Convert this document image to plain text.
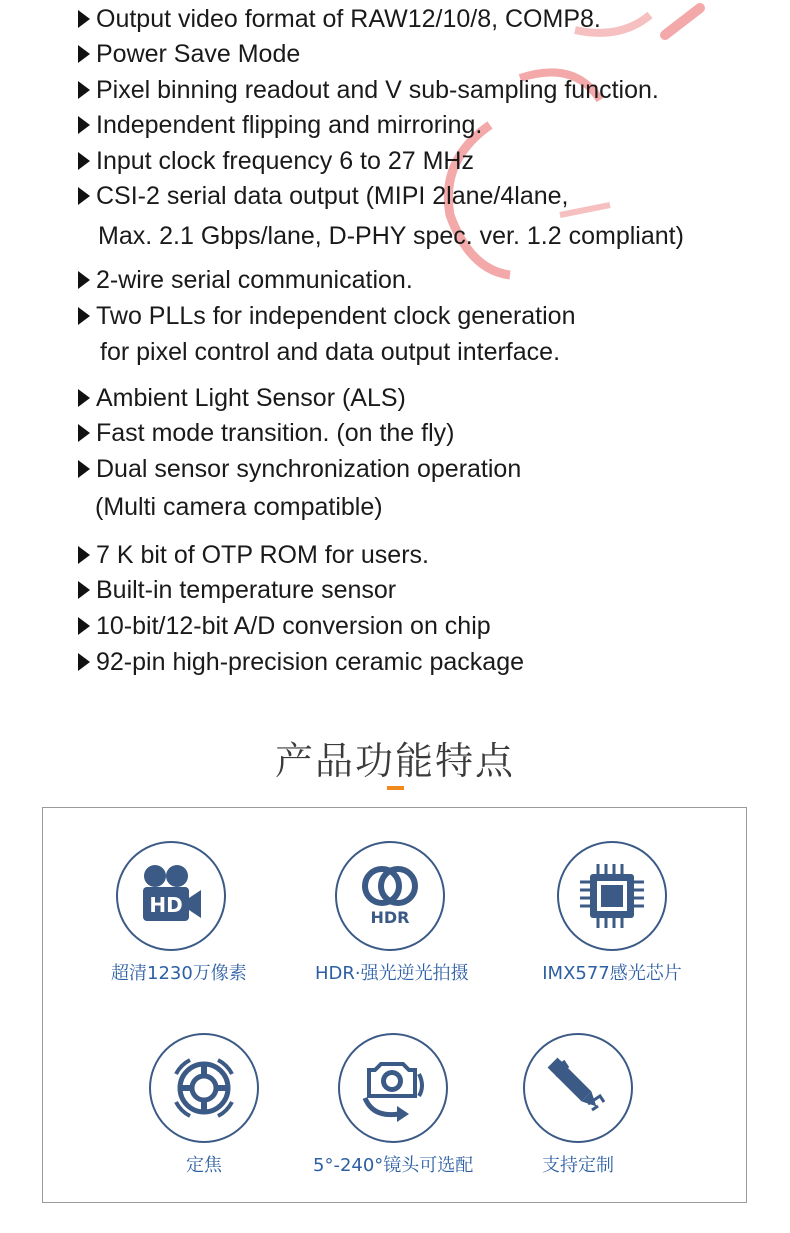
Output video format of RAW12/10/8, COMP8.
Power Save Mode
Pixel binning readout and V sub-sampling function.
Independent flipping and mirroring.
Input clock frequency 6 to 27 MHz
CSI-2 serial data output (MIPI 2lane/4lane,
Max. 2.1 Gbps/lane, D-PHY spec. ver. 1.2 compliant)
2-wire serial communication.
Two PLLs for independent clock generation
for pixel control and data output interface.
Ambient Light Sensor (ALS)
Fast mode transition. (on the fly)
Dual sensor synchronization operation
(Multi camera compatible)
7 K bit of OTP ROM for users.
Built-in temperature sensor
10-bit/12-bit A/D conversion on chip
92-pin high-precision ceramic package
产品功能特点
HD
超清1230万像素
HDR
HDR·强光逆光拍摄	IMX577感光芯片
定焦	5°-240°镜头可选配	支持定制
